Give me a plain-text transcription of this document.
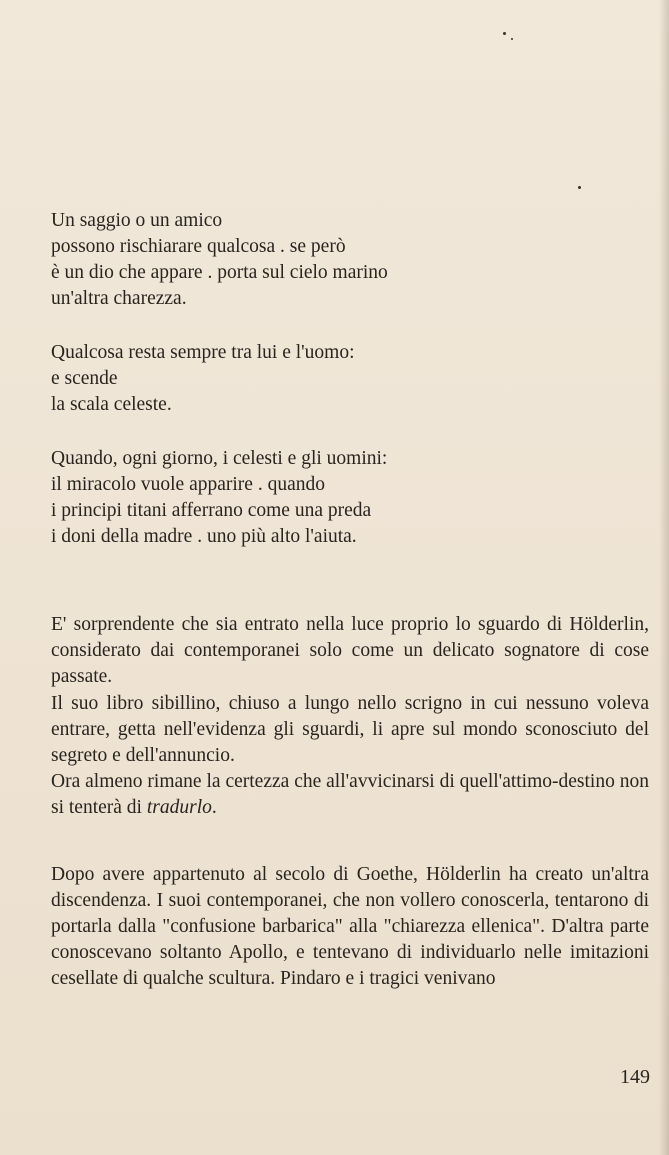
Un saggio o un amico
possono rischiarare qualcosa . se però
è un dio che appare . porta sul cielo marino
un'altra charezza.
Qualcosa resta sempre tra lui e l'uomo:
e scende
la scala celeste.
Quando, ogni giorno, i celesti e gli uomini:
il miracolo vuole apparire . quando
i principi titani afferrano come una preda
i doni della madre . uno più alto l'aiuta.

E' sorprendente che sia entrato nella luce proprio lo sguardo di Hölderlin, considerato dai contemporanei solo come un delicato sognatore di cose passate.

Il suo libro sibillino, chiuso a lungo nello scrigno in cui nessuno voleva entrare, getta nell'evidenza gli sguardi, li apre sul mondo sconosciuto del segreto e dell'annuncio.

Ora almeno rimane la certezza che all'avvicinarsi di quell'attimo-destino non si tenterà di tradurlo.

Dopo avere appartenuto al secolo di Goethe, Hölderlin ha creato un'altra discendenza. I suoi contemporanei, che non vollero conoscerla, tentarono di portarla dalla "confusione barbarica" alla "chiarezza ellenica". D'altra parte conoscevano soltanto Apollo, e tentevano di individuarlo nelle imitazioni cesellate di qualche scultura. Pindaro e i tragici venivano

149
